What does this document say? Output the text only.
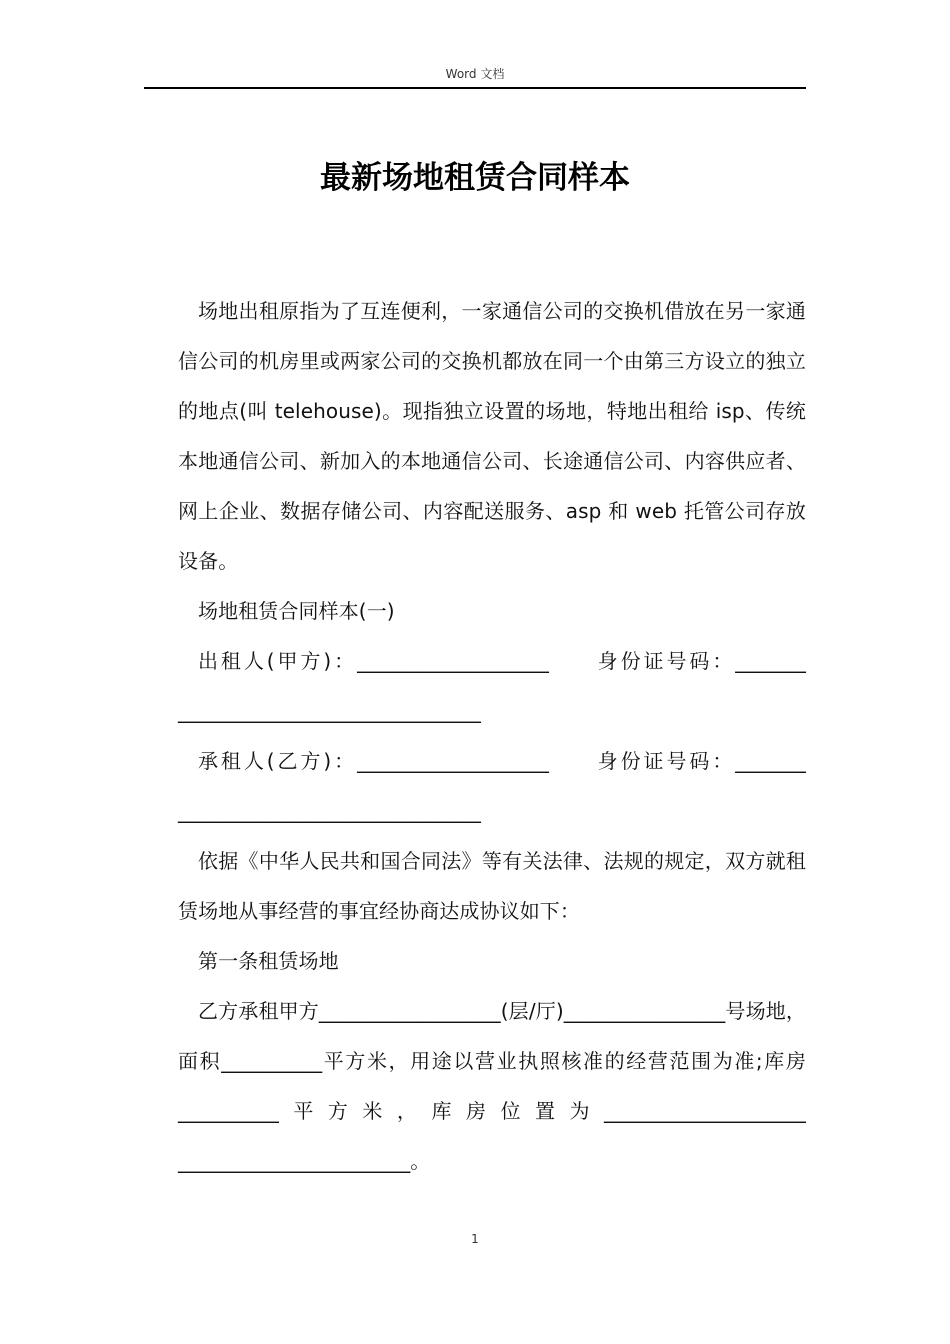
Word 文档
最新场地租赁合同样本

场地出租原指为了互连便利，一家通信公司的交换机借放在另一家通信公司的机房里或两家公司的交换机都放在同一个由第三方设立的独立的地点(叫 telehouse)。现指独立设置的场地，特地出租给 isp、传统本地通信公司、新加入的本地通信公司、长途通信公司、内容供应者、网上企业、数据存储公司、内容配送服务、asp 和 web 托管公司存放设备。

场地租赁合同样本(一)

出租人(甲方)：___________________　　身份证号码：_______ ______________________________

承租人(乙方)：___________________　　身份证号码：_______ ______________________________

依据《中华人民共和国合同法》等有关法律、法规的规定，双方就租赁场地从事经营的事宜经协商达成协议如下：

第一条租赁场地

乙方承租甲方__________________(层/厅)________________号场地，面积__________平方米，用途以营业执照核准的经营范围为准;库房__________平方米，库房位置为____________________ _______________________。

1
